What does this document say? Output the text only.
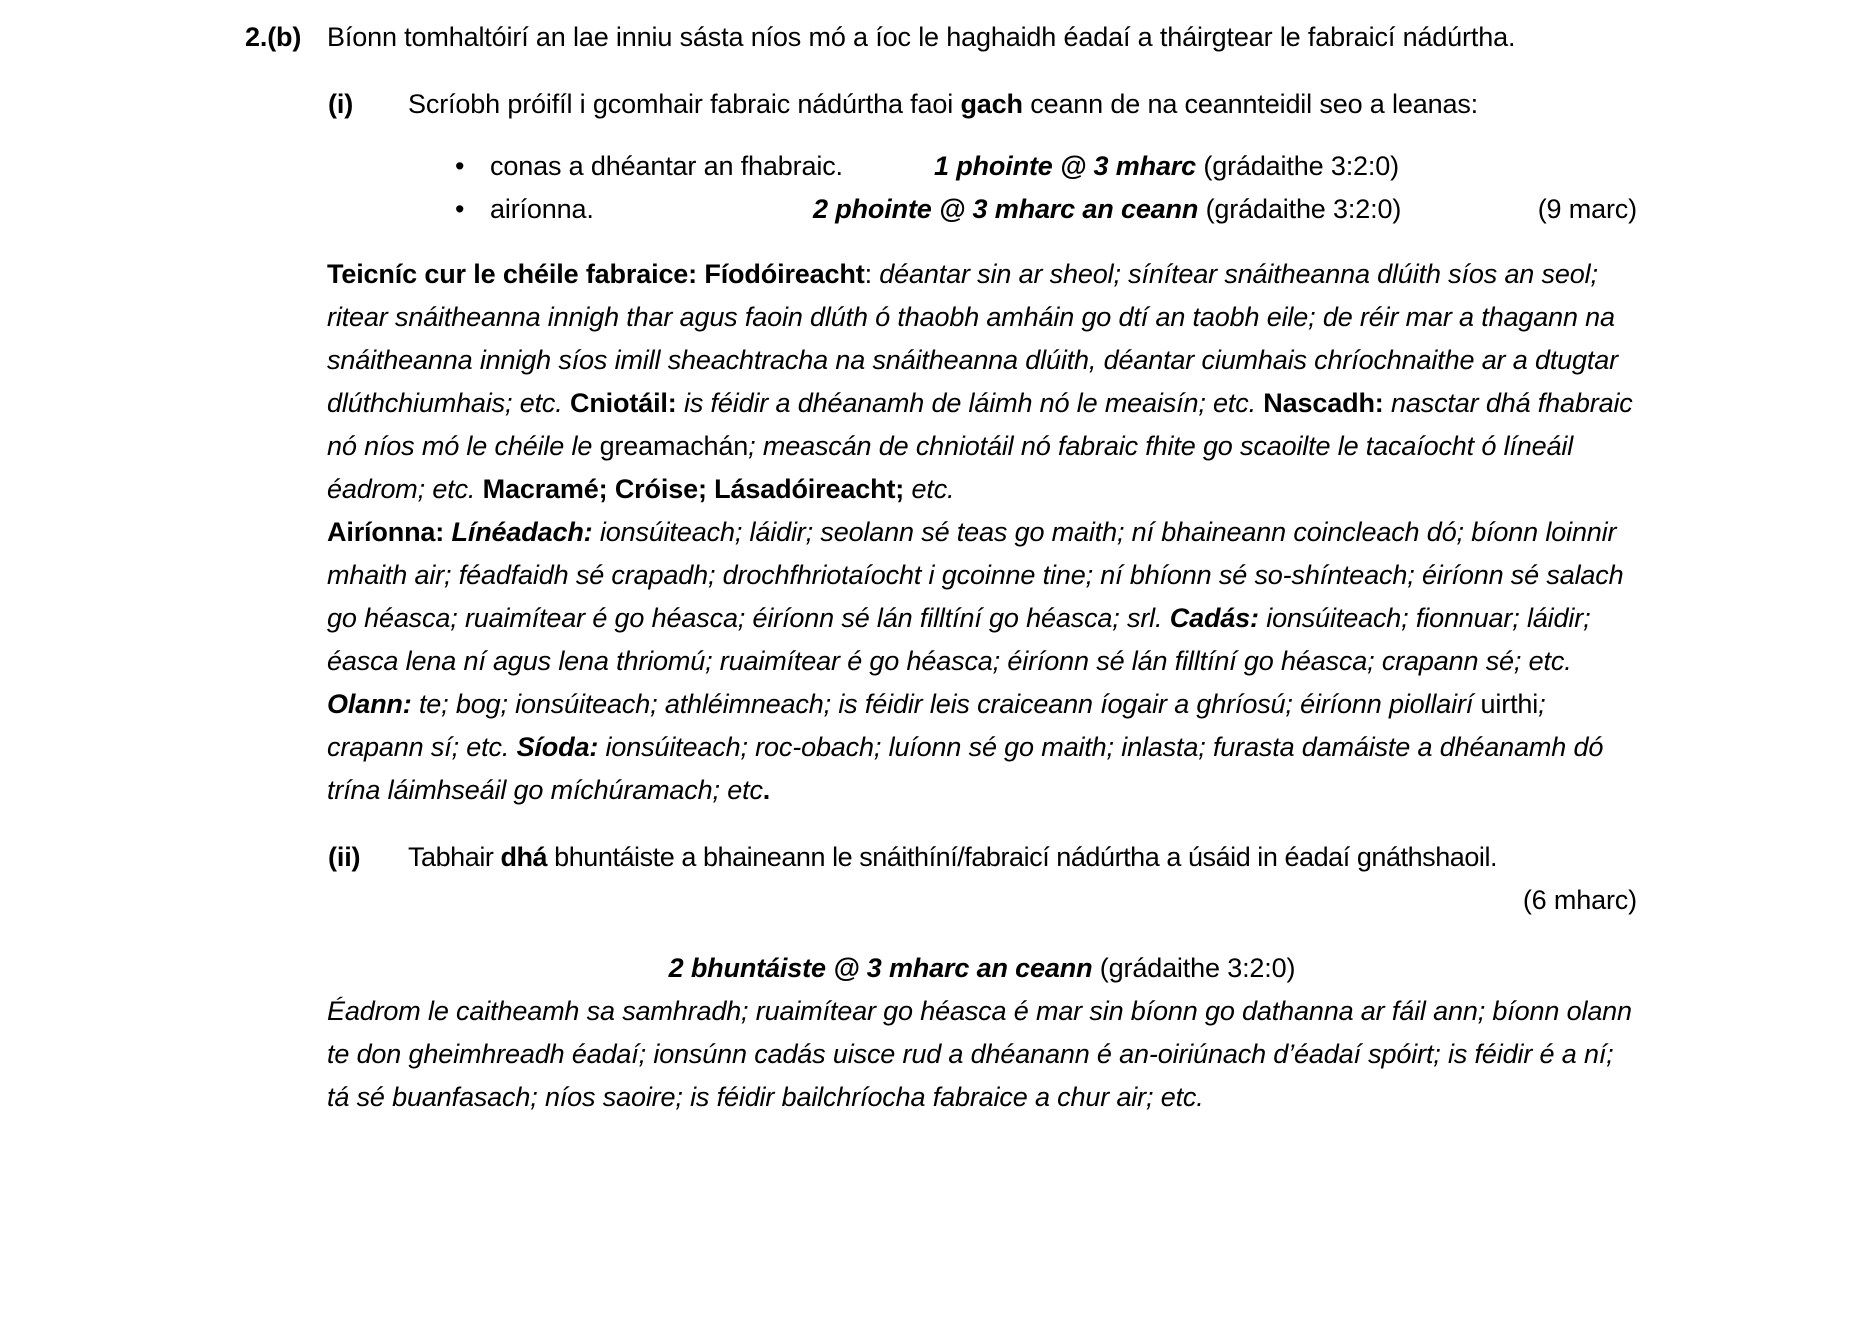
2.(b) Bíonn tomhaltóirí an lae inniu sásta níos mó a íoc le haghaidh éadaí a tháirgtear le fabraicí nádúrtha.
(i)	Scríobh próifíl i gcomhair fabraic nádúrtha faoi gach ceann de na ceannteidil seo a leanas:
• conas a dhéantar an fhabraic.	1 phointe @ 3 mharc (grádaithe 3:2:0)
• airíonna.	2 phointe @ 3 mharc an ceann (grádaithe 3:2:0)	(9 marc)

Teicníc cur le chéile fabraice: Fíodóireacht: déantar sin ar sheol; sínítear snáitheanna dlúith síos an seol; ritear snáitheanna innigh thar agus faoin dlúth ó thaobh amháin go dtí an taobh eile; de réir mar a thagann na snáitheanna innigh síos imill sheachtracha na snáitheanna dlúith, déantar ciumhais chríochnaithe ar a dtugtar dlúthchiumhais; etc. Cniotáil: is féidir a dhéanamh de láimh nó le meaisín; etc. Nascadh: nasctar dhá fhabraic nó níos mó le chéile le greamachán; meascán de chniotáil nó fabraic fhite go scaoilte le tacaíocht ó líneáil éadrom; etc. Macramé; Cróise; Lásadóireacht; etc.

Airíonna: Línéadach: ionsúiteach; láidir; seolann sé teas go maith; ní bhaineann coincleach dó; bíonn loinnir mhaith air; féadfaidh sé crapadh; drochfhriotaíocht i gcoinne tine; ní bhíonn sé so-shínteach; éiríonn sé salach go héasca; ruaimítear é go héasca; éiríonn sé lán filltíní go héasca; srl. Cadás: ionsúiteach; fionnuar; láidir; éasca lena ní agus lena thriomú; ruaimítear é go héasca; éiríonn sé lán filltíní go héasca; crapann sé; etc. Olann: te; bog; ionsúiteach; athléimneach; is féidir leis craiceann íogair a ghríosú; éiríonn piollairí uirthi; crapann sí; etc. Síoda: ionsúiteach; roc-obach; luíonn sé go maith; inlasta; furasta damáiste a dhéanamh dó trína láimhseáil go míchúramach; etc.

(ii)	Tabhair dhá bhuntáiste a bhaineann le snáithíní/fabraicí nádúrtha a úsáid in éadaí gnáthshaoil.
(6 mharc)
2 bhuntáiste @ 3 mharc an ceann (grádaithe 3:2:0)

Éadrom le caitheamh sa samhradh; ruaimítear go héasca é mar sin bíonn go dathanna ar fáil ann; bíonn olann te don gheimhreadh éadaí; ionsúnn cadás uisce rud a dhéanann é an-oiriúnach d’éadaí spóirt; is féidir é a ní; tá sé buanfasach; níos saoire; is féidir bailchríocha fabraice a chur air; etc.
